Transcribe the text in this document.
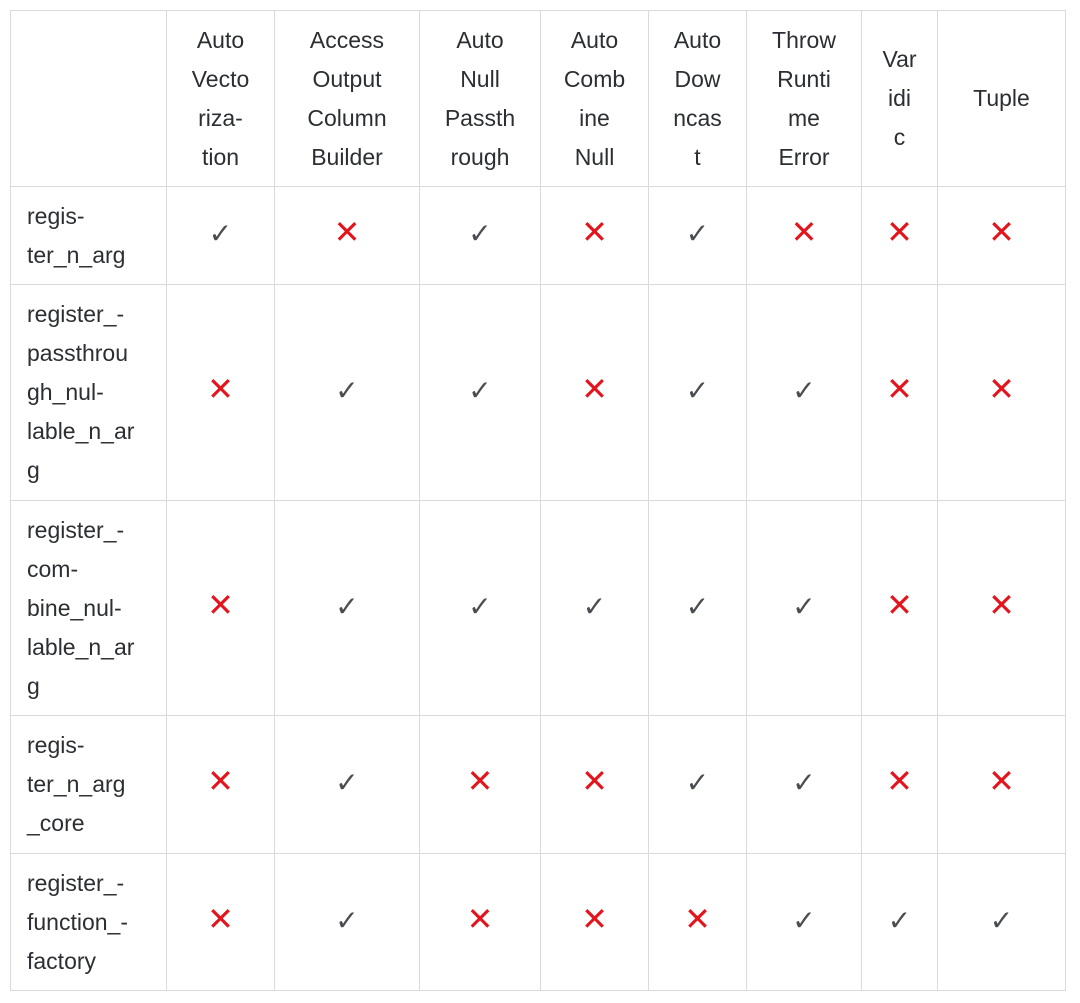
	Auto
Vecto
riza-
tion	Access
Output
Column
Builder	Auto
Null
Passth
rough	Auto
Comb
ine
Null	Auto
Dow
ncas
t	Throw
Runti
me
Error	Var
idi
c	Tuple
regis-
ter_n_arg	✓	✕	✓	✕	✓	✕	✕	✕
register_-
passthrou
gh_nul-
lable_n_ar
g	✕	✓	✓	✕	✓	✓	✕	✕
register_-
com-
bine_nul-
lable_n_ar
g	✕	✓	✓	✓	✓	✓	✕	✕
regis-
ter_n_arg
_core	✕	✓	✕	✕	✓	✓	✕	✕
register_-
function_-
factory	✕	✓	✕	✕	✕	✓	✓	✓
